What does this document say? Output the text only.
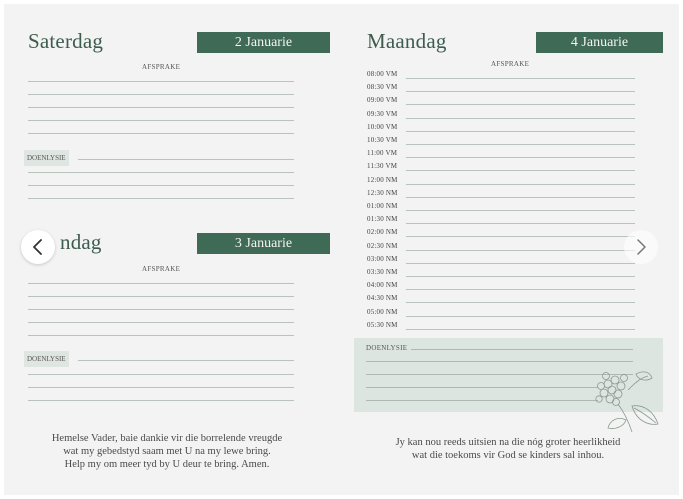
Saterdag	2 Januarie
AFSPRAKE
DOENLYSIE
ndag	3 Januarie
AFSPRAKE
DOENLYSIE
Hemelse Vader, baie dankie vir die borrelende vreugde
wat my gebedstyd saam met U na my lewe bring.
Help my om meer tyd by U deur te bring. Amen.
Maandag	4 Januarie
AFSPRAKE
08:00 VM
08:30 VM
09:00 VM
09:30 VM
10:00 VM
10:30 VM
11:00 VM
11:30 VM
12:00 NM
12:30 NM
01:00 NM
01:30 NM
02:00 NM
02:30 NM
03:00 NM
03:30 NM
04:00 NM
04:30 NM
05:00 NM
05:30 NM
DOENLYSIE
Jy kan nou reeds uitsien na die nóg groter heerlikheid
wat die toekoms vir God se kinders sal inhou.
